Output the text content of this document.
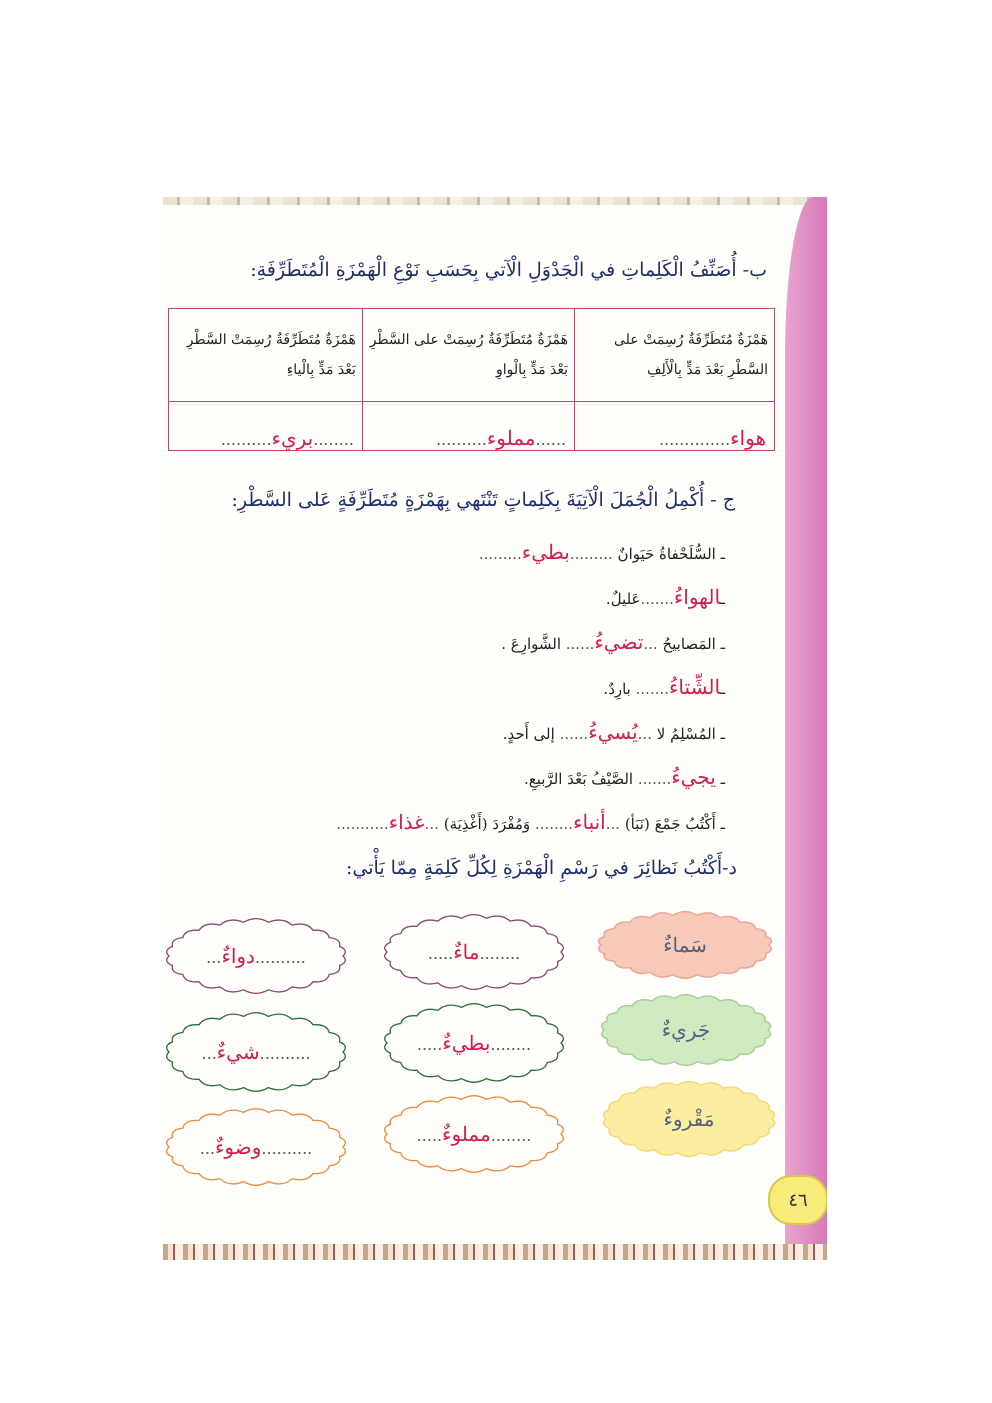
ب- أُصَنِّفُ الْكَلِماتِ في الْجَدْوَلِ الْآتي بِحَسَبِ نَوْعِ الْهَمْزَةِ الْمُتَطَرِّفَةِ:
هَمْزَةٌ مُتَطَرِّفَةٌ رُسِمَتْ على السَّطْرِ بَعْدَ مَدٍّ بِالْأَلِفِ	هَمْزَةٌ مُتَطَرِّفَةٌ رُسِمَتْ على السَّطْرِ بَعْدَ مَدٍّ بِالْواوِ	هَمْزَةٌ مُتَطَرِّفَةٌ رُسِمَتْ السَّطْرِ بَعْدَ مَدٍّ بِالْياءِ
هواء..............	......مملوء..........	........بريء..........
ج - أُكْمِلُ الْجُمَلَ الْآتِيَةَ بِكَلِماتٍ تَنْتَهي بِهَمْزَةٍ مُتَطَرِّفَةٍ عَلى السَّطْرِ:
ـ السُّلَحْفاةُ حَيَوانٌ .........بطيء.........
ـالهواءُ.......عَليلٌ.
ـ المَصابيحُ ...تضيءُ...... الشَّوارِعَ .
ـالشِّتاءُ....... بارِدٌ.
ـ المُسْلِمُ لا ...يُسيءُ...... إلى أَحدٍ.
ـ يجيءُ....... الصَّيْفُ بَعْدَ الرَّبيعِ.
ـ أَكْتُبُ جَمْعَ (نَبَأ) ...أنباء........ وَمُفْرَدَ (أَغْذِيَة) ...غذاء...........
د-أَكْتُبُ نَظائِرَ في رَسْمِ الْهَمْزَةِ لِكُلِّ كَلِمَةٍ مِمّا يَأْتي:
سَماءٌ
........ماءٌ.....
..........دواءٌ...
جَريءٌ
........بطيءٌ.....
..........شيءٌ...
مَقْروءٌ
........مملوءٌ.....
..........وضوءٌ...
٤٦
